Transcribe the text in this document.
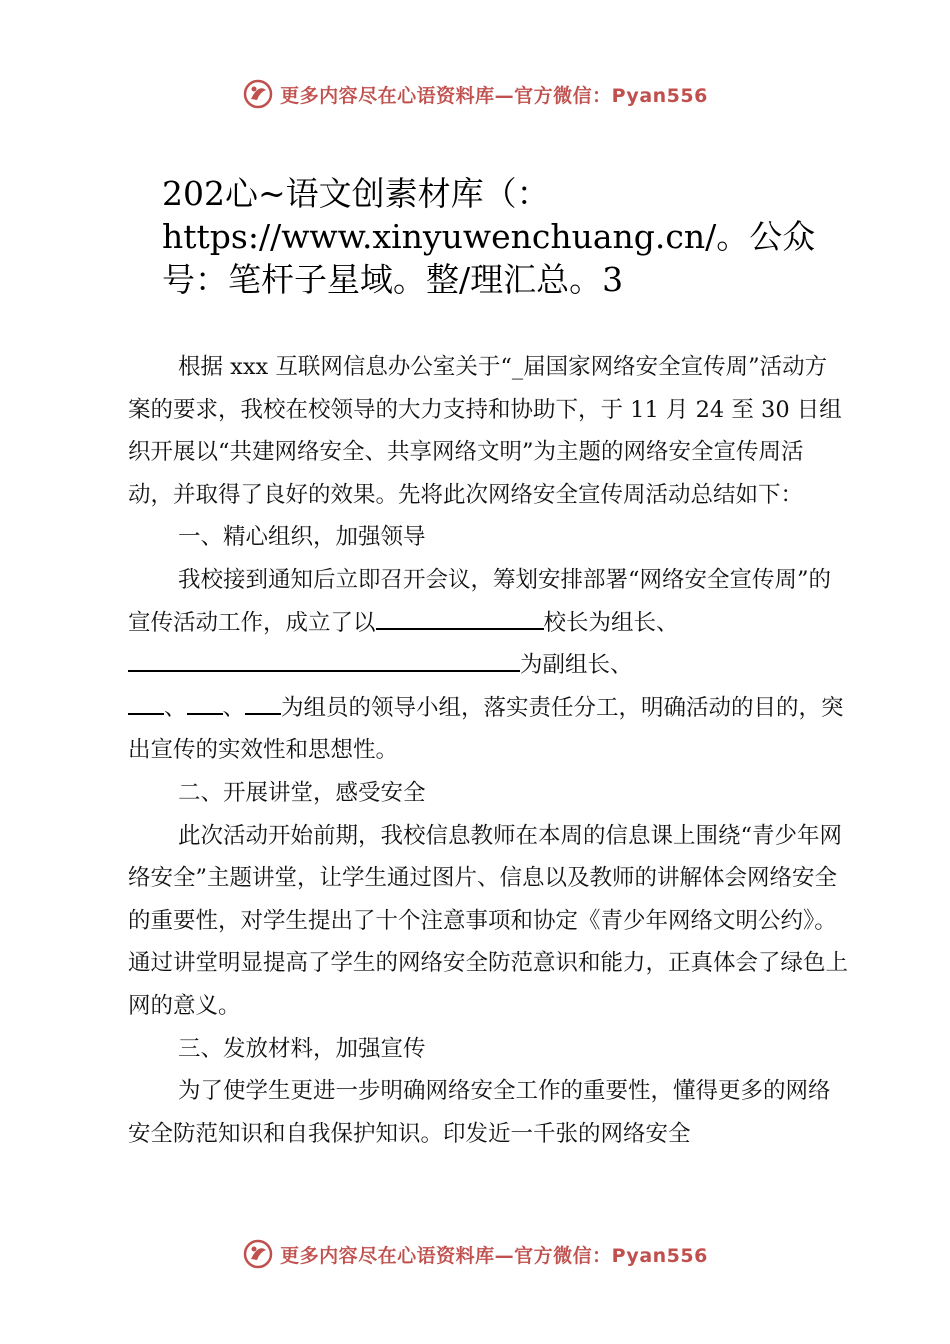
更多内容尽在心语资料库—官方微信：Pyan556
202心~语文创素材库（：https://www.xinyuwenchuang.cn/。公众号：笔杆子星域。整/理汇总。3

根据 xxx 互联网信息办公室关于“_届国家网络安全宣传周”活动方案的要求，我校在校领导的大力支持和协助下，于 11 月 24 至 30 日组织开展以“共建网络安全、共享网络文明”为主题的网络安全宣传周活动，并取得了良好的效果。先将此次网络安全宣传周活动总结如下：

一、精心组织，加强领导

我校接到通知后立即召开会议，筹划安排部署“网络安全宣传周”的宣传活动工作，成立了以	校长为组长、
为副组长、
、 、 为组员的领导小组，落实责任分工，明确活动的目的，突出宣传的实效性和思想性。

二、开展讲堂，感受安全

此次活动开始前期，我校信息教师在本周的信息课上围绕“青少年网络安全”主题讲堂，让学生通过图片、信息以及教师的讲解体会网络安全的重要性，对学生提出了十个注意事项和协定《青少年网络文明公约》。通过讲堂明显提高了学生的网络安全防范意识和能力，正真体会了绿色上网的意义。

三、发放材料，加强宣传

为了使学生更进一步明确网络安全工作的重要性，懂得更多的网络安全防范知识和自我保护知识。印发近一千张的网络安全

更多内容尽在心语资料库—官方微信：Pyan556
